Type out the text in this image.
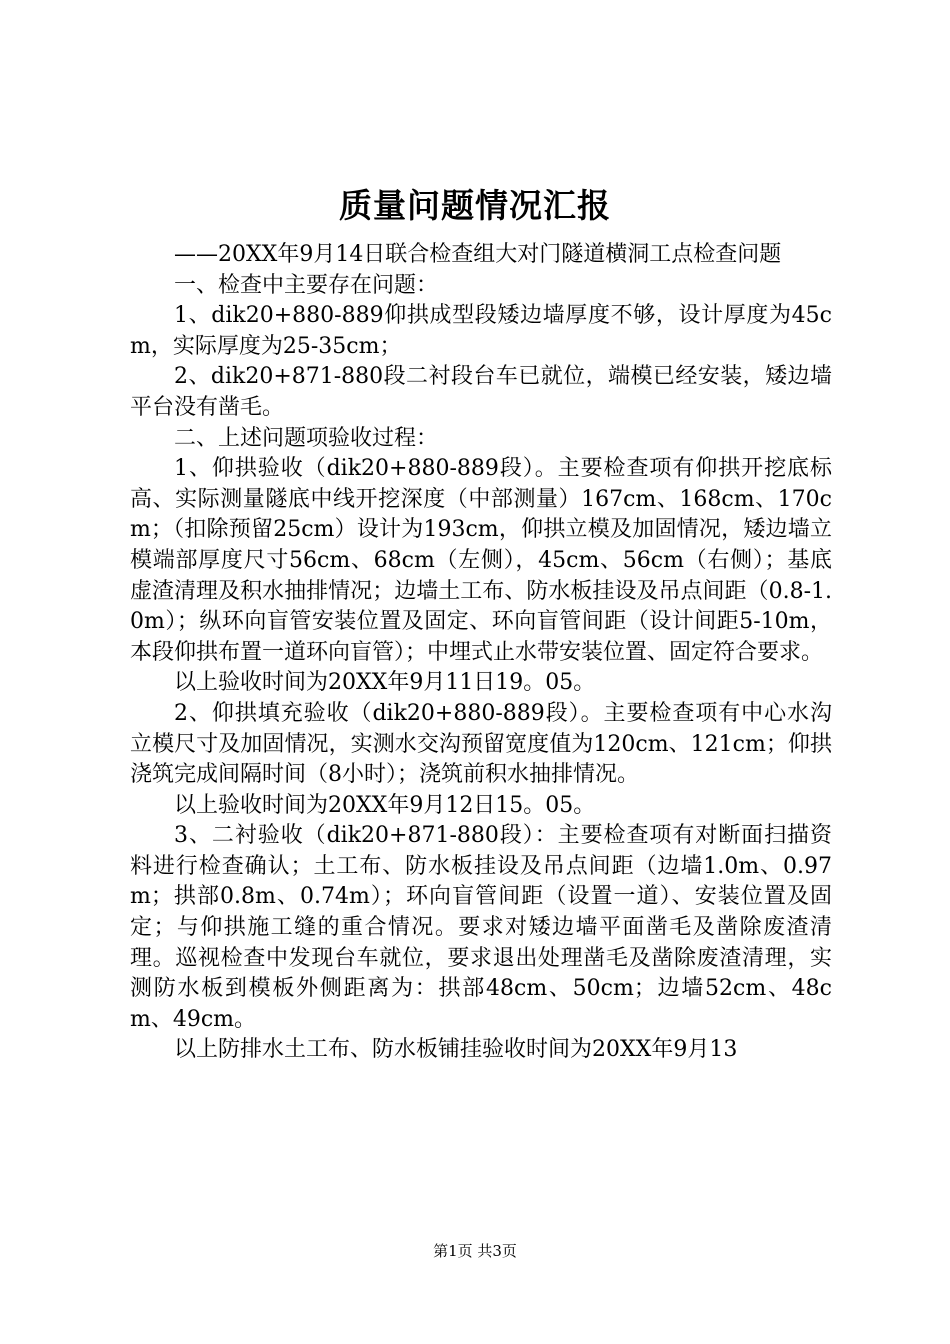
质量问题情况汇报

——20XX年9月14日联合检查组大对门隧道横洞工点检查问题

一、检查中主要存在问题：

1、dik20+880-889仰拱成型段矮边墙厚度不够，设计厚度为45cm，实际厚度为25-35cm；

2、dik20+871-880段二衬段台车已就位，端模已经安装，矮边墙平台没有凿毛。

二、上述问题项验收过程：

1、仰拱验收（dik20+880-889段）。主要检查项有仰拱开挖底标高、实际测量隧底中线开挖深度（中部测量）167cm、168cm、170cm；（扣除预留25cm）设计为193cm，仰拱立模及加固情况，矮边墙立模端部厚度尺寸56cm、68cm（左侧），45cm、56cm（右侧）；基底虚渣清理及积水抽排情况；边墙土工布、防水板挂设及吊点间距（0.8-1.0m）；纵环向盲管安装位置及固定、环向盲管间距（设计间距5-10m，本段仰拱布置一道环向盲管）；中埋式止水带安装位置、固定符合要求。

以上验收时间为20XX年9月11日19。05。

2、仰拱填充验收（dik20+880-889段）。主要检查项有中心水沟立模尺寸及加固情况，实测水交沟预留宽度值为120cm、121cm；仰拱浇筑完成间隔时间（8小时）；浇筑前积水抽排情况。

以上验收时间为20XX年9月12日15。05。

3、二衬验收（dik20+871-880段）：主要检查项有对断面扫描资料进行检查确认；土工布、防水板挂设及吊点间距（边墙1.0m、0.97m；拱部0.8m、0.74m）；环向盲管间距（设置一道）、安装位置及固定；与仰拱施工缝的重合情况。要求对矮边墙平面凿毛及凿除废渣清理。巡视检查中发现台车就位，要求退出处理凿毛及凿除废渣清理，实测防水板到模板外侧距离为：拱部48cm、50cm；边墙52cm、48cm、49cm。

以上防排水土工布、防水板铺挂验收时间为20XX年9月13

第1页 共3页
